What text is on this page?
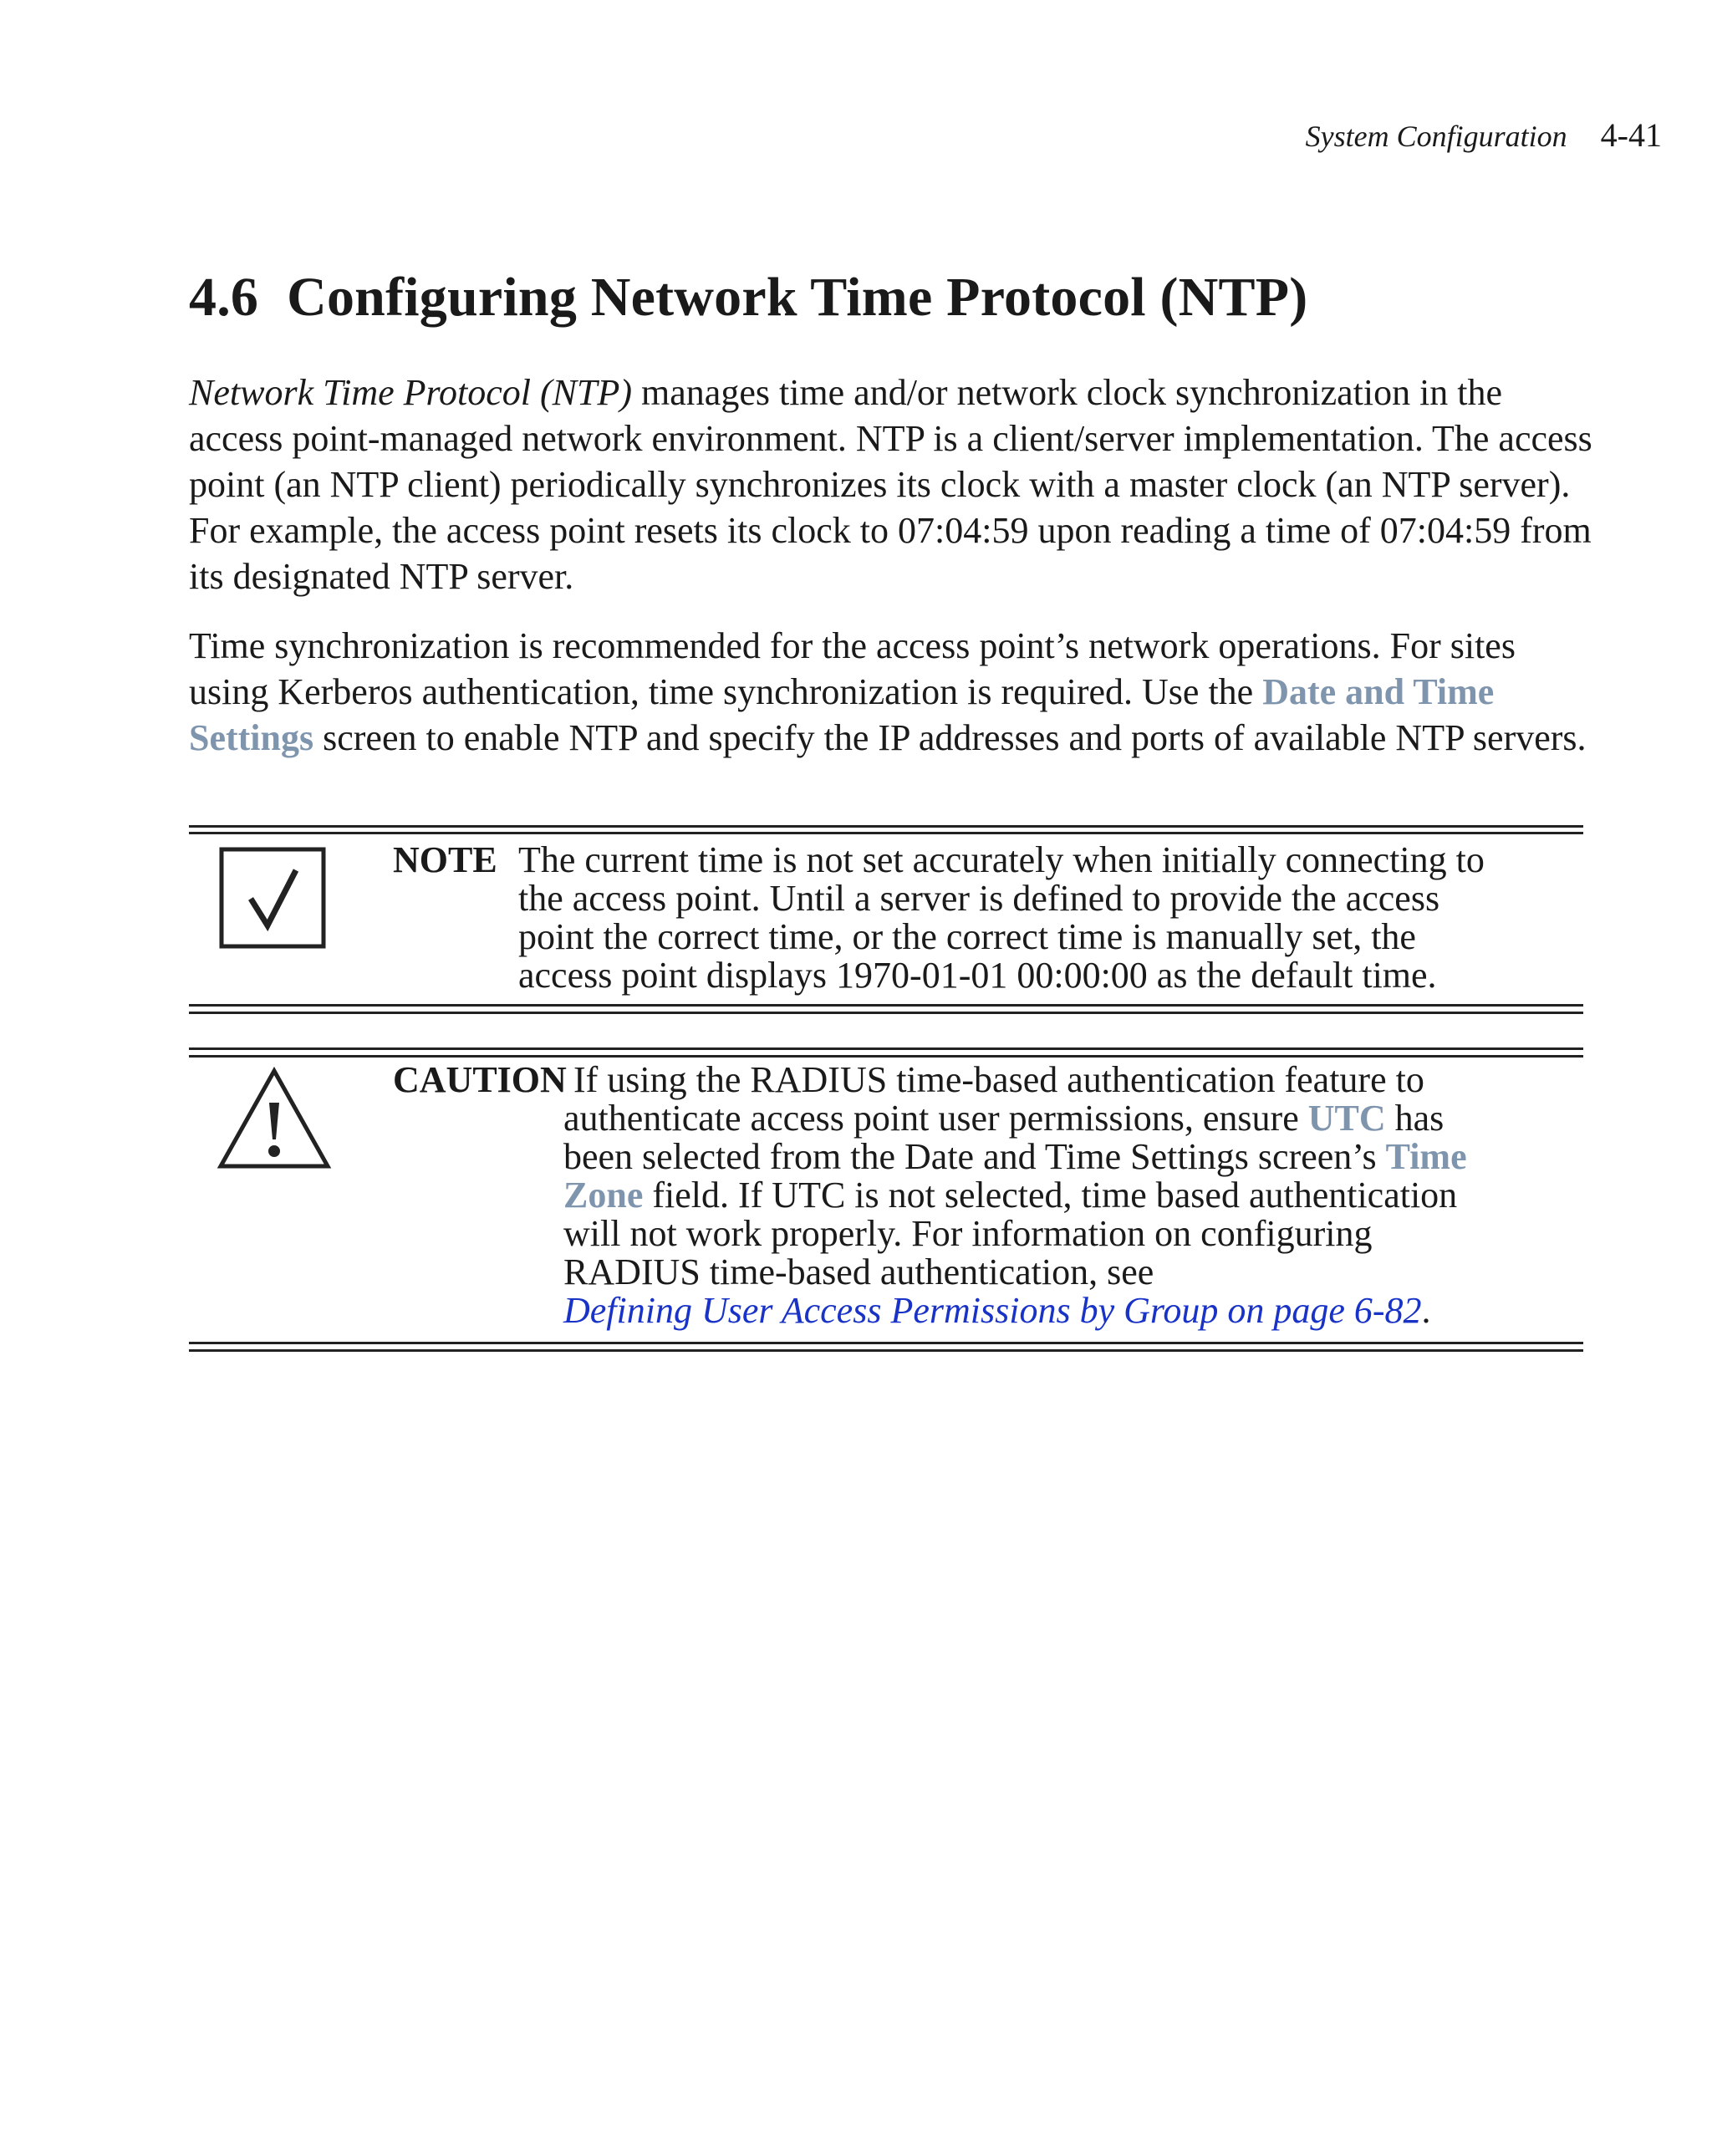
System Configuration 4-41
4.6 Configuring Network Time Protocol (NTP)

Network Time Protocol (NTP) manages time and/or network clock synchronization in the access point-managed network environment. NTP is a client/server implementation. The access point (an NTP client) periodically synchronizes its clock with a master clock (an NTP server). For example, the access point resets its clock to 07:04:59 upon reading a time of 07:04:59 from its designated NTP server.

Time synchronization is recommended for the access point’s network operations. For sites using Kerberos authentication, time synchronization is required. Use the Date and Time Settings screen to enable NTP and specify the IP addresses and ports of available NTP servers.

NOTE The current time is not set accurately when initially connecting to
the access point. Until a server is defined to provide the access
point the correct time, or the correct time is manually set, the
access point displays 1970-01-01 00:00:00 as the default time.
CAUTION If using the RADIUS time-based authentication feature to
authenticate access point user permissions, ensure UTC has
been selected from the Date and Time Settings screen’s Time
Zone field. If UTC is not selected, time based authentication
will not work properly. For information on configuring
RADIUS time-based authentication, see
Defining User Access Permissions by Group on page 6-82.
